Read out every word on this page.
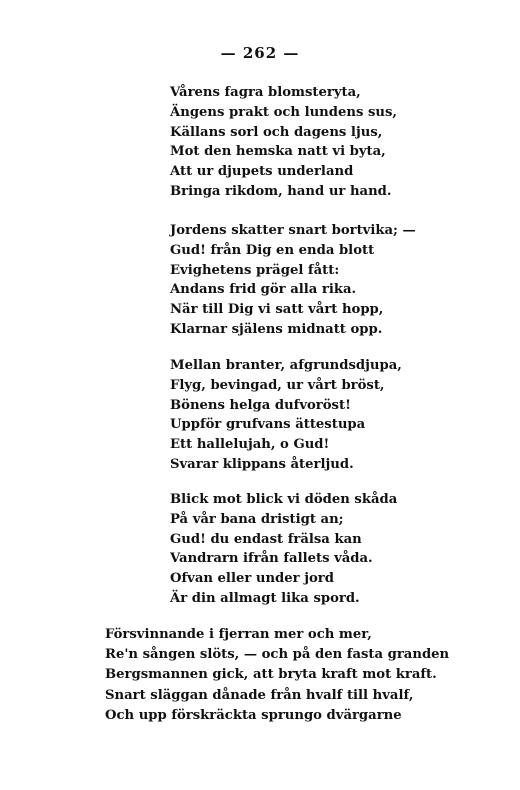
— 262 —
Vårens fagra blomsteryta,
Ängens prakt och lundens sus,
Källans sorl och dagens ljus,
Mot den hemska natt vi byta,
Att ur djupets underland
Bringa rikdom, hand ur hand.
Jordens skatter snart bortvika; —
Gud! från Dig en enda blott
Evighetens prägel fått:
Andans frid gör alla rika.
När till Dig vi satt vårt hopp,
Klarnar själens midnatt opp.
Mellan branter, afgrundsdjupa,
Flyg, bevingad, ur vårt bröst,
Bönens helga dufvoröst!
Uppför grufvans ättestupa
Ett hallelujah, o Gud!
Svarar klippans återljud.
Blick mot blick vi döden skåda
På vår bana dristigt an;
Gud! du endast frälsa kan
Vandrarn ifrån fallets våda.
Ofvan eller under jord
Är din allmagt lika spord.
Försvinnande i fjerran mer och mer,
Re'n sången slöts, — och på den fasta granden
Bergsmannen gick, att bryta kraft mot kraft.
Snart släggan dånade från hvalf till hvalf,
Och upp förskräckta sprungo dvärgarne
